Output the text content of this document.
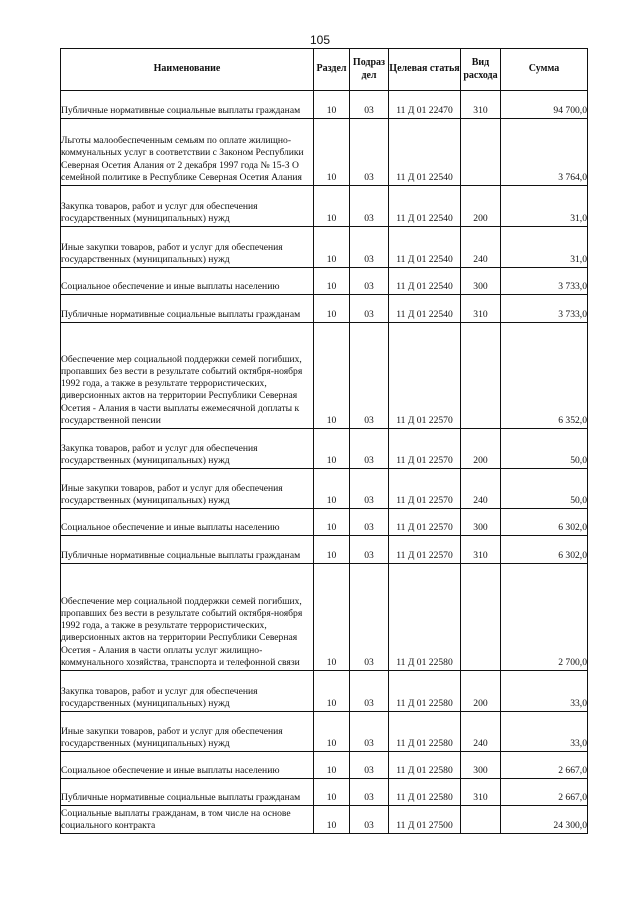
105
Наименование	Раздел	Подраз дел	Целевая статья	Вид расхода	Сумма
Публичные нормативные социальные выплаты гражданам	10	03	11 Д 01 22470	310	94 700,0
Льготы малообеспеченным семьям по оплате жилищно-коммунальных услуг в соответствии с Законом Республики Северная Осетия Алания от 2 декабря 1997 года № 15-З О семейной политике в Республике Северная Осетия Алания	10	03	11 Д 01 22540		3 764,0
Закупка товаров, работ и услуг для обеспечения государственных (муниципальных) нужд	10	03	11 Д 01 22540	200	31,0
Иные закупки товаров, работ и услуг для обеспечения государственных (муниципальных) нужд	10	03	11 Д 01 22540	240	31,0
Социальное обеспечение и иные выплаты населению	10	03	11 Д 01 22540	300	3 733,0
Публичные нормативные социальные выплаты гражданам	10	03	11 Д 01 22540	310	3 733,0
Обеспечение мер социальной поддержки семей погибших, пропавших без вести в результате событий октября-ноября 1992 года, а также в результате террористических, диверсионных актов на территории Республики Северная Осетия - Алания в части выплаты ежемесячной доплаты к государственной пенсии	10	03	11 Д 01 22570		6 352,0
Закупка товаров, работ и услуг для обеспечения государственных (муниципальных) нужд	10	03	11 Д 01 22570	200	50,0
Иные закупки товаров, работ и услуг для обеспечения государственных (муниципальных) нужд	10	03	11 Д 01 22570	240	50,0
Социальное обеспечение и иные выплаты населению	10	03	11 Д 01 22570	300	6 302,0
Публичные нормативные социальные выплаты гражданам	10	03	11 Д 01 22570	310	6 302,0
Обеспечение мер социальной поддержки семей погибших, пропавших без вести в результате событий октября-ноября 1992 года, а также в результате террористических, диверсионных актов на территории Республики Северная Осетия - Алания в части оплаты услуг жилищно-коммунального хозяйства, транспорта и телефонной связи	10	03	11 Д 01 22580		2 700,0
Закупка товаров, работ и услуг для обеспечения государственных (муниципальных) нужд	10	03	11 Д 01 22580	200	33,0
Иные закупки товаров, работ и услуг для обеспечения государственных (муниципальных) нужд	10	03	11 Д 01 22580	240	33,0
Социальное обеспечение и иные выплаты населению	10	03	11 Д 01 22580	300	2 667,0
Публичные нормативные социальные выплаты гражданам	10	03	11 Д 01 22580	310	2 667,0
Социальные выплаты гражданам, в том числе на основе социального контракта	10	03	11 Д 01 27500		24 300,0
